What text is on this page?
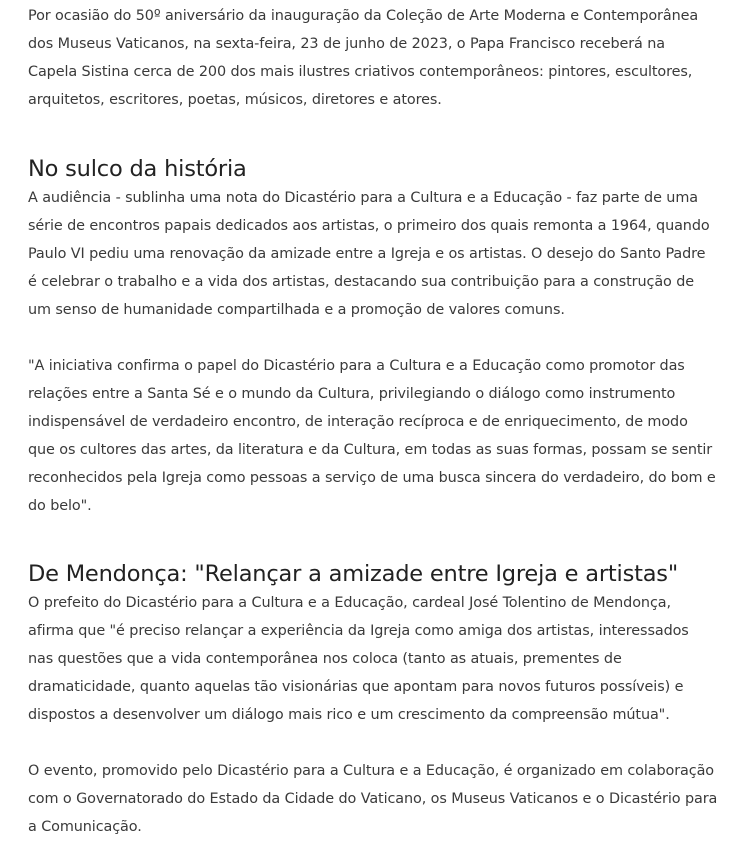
Por ocasião do 50º aniversário da inauguração da Coleção de Arte Moderna e Contemporânea dos Museus Vaticanos, na sexta-feira, 23 de junho de 2023, o Papa Francisco receberá na Capela Sistina cerca de 200 dos mais ilustres criativos contemporâneos: pintores, escultores, arquitetos, escritores, poetas, músicos, diretores e atores.

No sulco da história

A audiência - sublinha uma nota do Dicastério para a Cultura e a Educação - faz parte de uma série de encontros papais dedicados aos artistas, o primeiro dos quais remonta a 1964, quando Paulo VI pediu uma renovação da amizade entre a Igreja e os artistas. O desejo do Santo Padre é celebrar o trabalho e a vida dos artistas, destacando sua contribuição para a construção de um senso de humanidade compartilhada e a promoção de valores comuns.

"A iniciativa confirma o papel do Dicastério para a Cultura e a Educação como promotor das relações entre a Santa Sé e o mundo da Cultura, privilegiando o diálogo como instrumento indispensável de verdadeiro encontro, de interação recíproca e de enriquecimento, de modo que os cultores das artes, da literatura e da Cultura, em todas as suas formas, possam se sentir reconhecidos pela Igreja como pessoas a serviço de uma busca sincera do verdadeiro, do bom e do belo".

De Mendonça: "Relançar a amizade entre Igreja e artistas"

O prefeito do Dicastério para a Cultura e a Educação, cardeal José Tolentino de Mendonça, afirma que "é preciso relançar a experiência da Igreja como amiga dos artistas, interessados nas questões que a vida contemporânea nos coloca (tanto as atuais, prementes de dramaticidade, quanto aquelas tão visionárias que apontam para novos futuros possíveis) e dispostos a desenvolver um diálogo mais rico e um crescimento da compreensão mútua".

O evento, promovido pelo Dicastério para a Cultura e a Educação, é organizado em colaboração com o Governatorado do Estado da Cidade do Vaticano, os Museus Vaticanos e o Dicastério para a Comunicação.
